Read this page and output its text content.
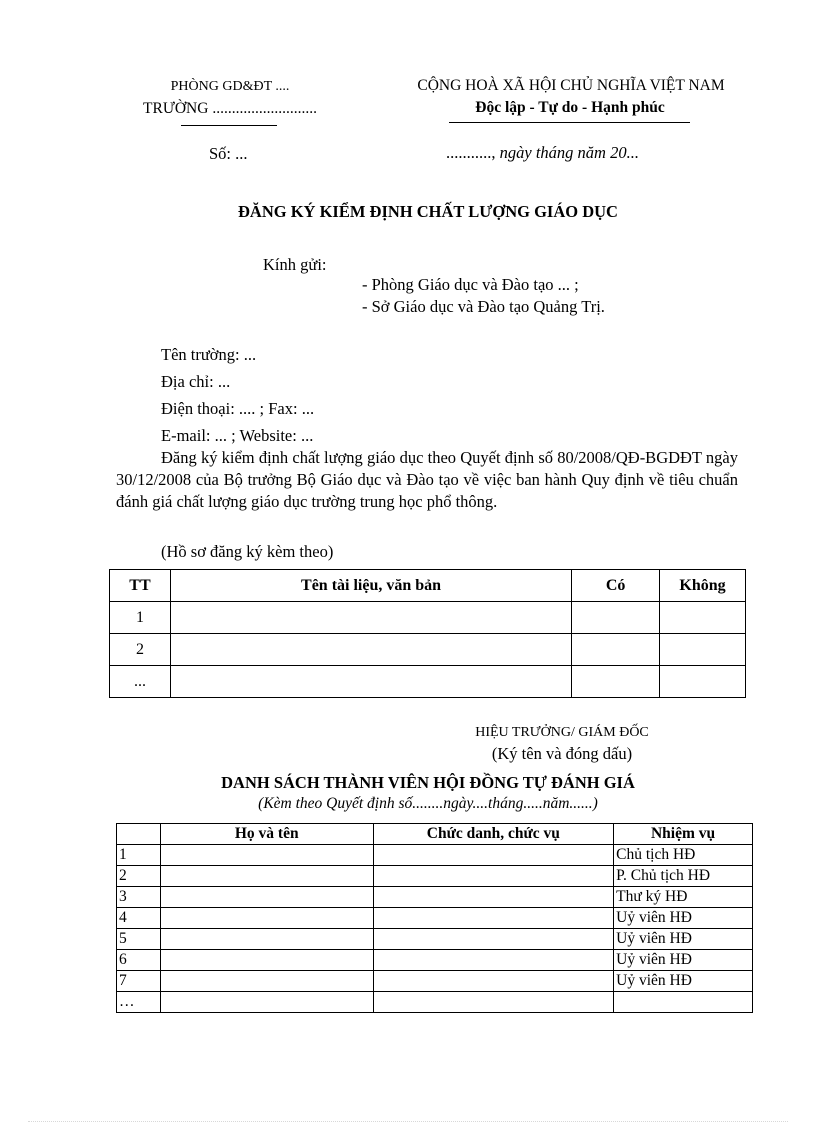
PHÒNG GD&ĐT ....
TRƯỜNG ...........................
CỘNG HOÀ XÃ HỘI CHỦ NGHĨA VIỆT NAM
Độc lập - Tự do - Hạnh phúc
Số: ...	..........., ngày tháng năm 20...
ĐĂNG KÝ KIỂM ĐỊNH CHẤT LƯỢNG GIÁO DỤC
Kính gửi:
- Phòng Giáo dục và Đào tạo ... ;
- Sở Giáo dục và Đào tạo Quảng Trị.
Tên trường: ...
Địa chỉ: ...
Điện thoại: .... ; Fax: ...
E-mail: ... ; Website: ...
Đăng ký kiểm định chất lượng giáo dục theo Quyết định số 80/2008/QĐ-BGDĐT ngày 30/12/2008 của Bộ trưởng Bộ Giáo dục và Đào tạo về việc ban hành Quy định về tiêu chuẩn đánh giá chất lượng giáo dục trường trung học phổ thông.
(Hồ sơ đăng ký kèm theo)
TT	Tên tài liệu, văn bản	Có	Không
1			
2			
...			
HIỆU TRƯỞNG/ GIÁM ĐỐC
(Ký tên và đóng dấu)
DANH SÁCH THÀNH VIÊN HỘI ĐỒNG TỰ ĐÁNH GIÁ
(Kèm theo Quyết định số........ngày....tháng.....năm......)
	Họ và tên	Chức danh, chức vụ	Nhiệm vụ
1			Chủ tịch HĐ
2			P. Chủ tịch HĐ
3			Thư ký HĐ
4			Uỷ viên HĐ
5			Uỷ viên HĐ
6			Uỷ viên HĐ
7			Uỷ viên HĐ
…			
